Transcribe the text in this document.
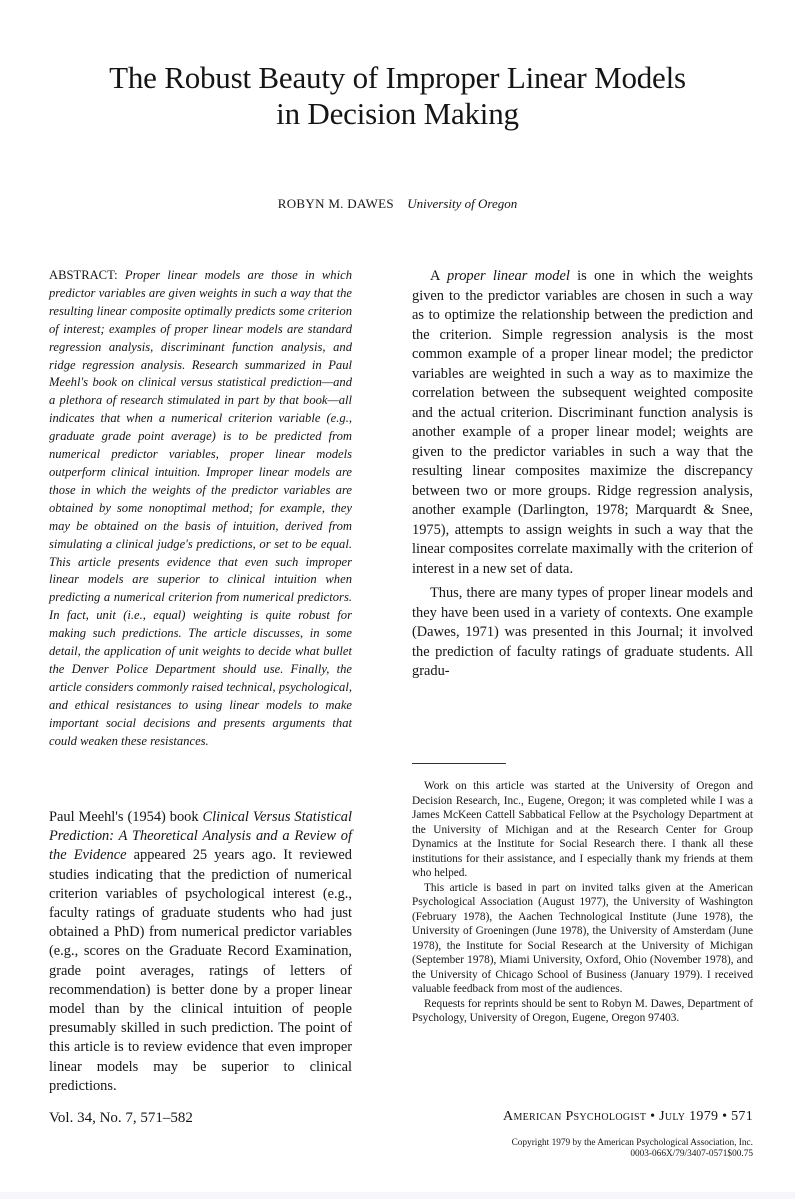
The Robust Beauty of Improper Linear Models
in Decision Making
ROBYN M. DAWES University of Oregon
ABSTRACT: Proper linear models are those in which predictor variables are given weights in such a way that the resulting linear composite optimally predicts some criterion of interest; examples of proper linear models are standard regression analysis, discriminant function analysis, and ridge regression analysis. Research summarized in Paul Meehl's book on clinical versus statistical prediction—and a plethora of research stimulated in part by that book—all indicates that when a numerical criterion variable (e.g., graduate grade point average) is to be predicted from numerical predictor variables, proper linear models outperform clinical intuition. Improper linear models are those in which the weights of the predictor variables are obtained by some nonoptimal method; for example, they may be obtained on the basis of intuition, derived from simulating a clinical judge's predictions, or set to be equal. This article presents evidence that even such improper linear models are superior to clinical intuition when predicting a numerical criterion from numerical predictors. In fact, unit (i.e., equal) weighting is quite robust for making such predictions. The article discusses, in some detail, the application of unit weights to decide what bullet the Denver Police Department should use. Finally, the article considers commonly raised technical, psychological, and ethical resistances to using linear models to make important social decisions and presents arguments that could weaken these resistances.
Paul Meehl's (1954) book Clinical Versus Statistical Prediction: A Theoretical Analysis and a Review of the Evidence appeared 25 years ago. It reviewed studies indicating that the prediction of numerical criterion variables of psychological interest (e.g., faculty ratings of graduate students who had just obtained a PhD) from numerical predictor variables (e.g., scores on the Graduate Record Examination, grade point averages, ratings of letters of recommendation) is better done by a proper linear model than by the clinical intuition of people presumably skilled in such prediction. The point of this article is to review evidence that even improper linear models may be superior to clinical predictions.

A proper linear model is one in which the weights given to the predictor variables are chosen in such a way as to optimize the relationship between the prediction and the criterion. Simple regression analysis is the most common example of a proper linear model; the predictor variables are weighted in such a way as to maximize the correlation between the subsequent weighted composite and the actual criterion. Discriminant function analysis is another example of a proper linear model; weights are given to the predictor variables in such a way that the resulting linear composites maximize the discrepancy between two or more groups. Ridge regression analysis, another example (Darlington, 1978; Marquardt & Snee, 1975), attempts to assign weights in such a way that the linear composites correlate maximally with the criterion of interest in a new set of data.

Thus, there are many types of proper linear models and they have been used in a variety of contexts. One example (Dawes, 1971) was presented in this Journal; it involved the prediction of faculty ratings of graduate students. All gradu-

Work on this article was started at the University of Oregon and Decision Research, Inc., Eugene, Oregon; it was completed while I was a James McKeen Cattell Sabbatical Fellow at the Psychology Department at the University of Michigan and at the Research Center for Group Dynamics at the Institute for Social Research there. I thank all these institutions for their assistance, and I especially thank my friends at them who helped.

This article is based in part on invited talks given at the American Psychological Association (August 1977), the University of Washington (February 1978), the Aachen Technological Institute (June 1978), the University of Groeningen (June 1978), the University of Amsterdam (June 1978), the Institute for Social Research at the University of Michigan (September 1978), Miami University, Oxford, Ohio (November 1978), and the University of Chicago School of Business (January 1979). I received valuable feedback from most of the audiences.

Requests for reprints should be sent to Robyn M. Dawes, Department of Psychology, University of Oregon, Eugene, Oregon 97403.

Vol. 34, No. 7, 571–582	American Psychologist • July 1979 • 571
Copyright 1979 by the American Psychological Association, Inc.
0003-066X/79/3407-0571$00.75
